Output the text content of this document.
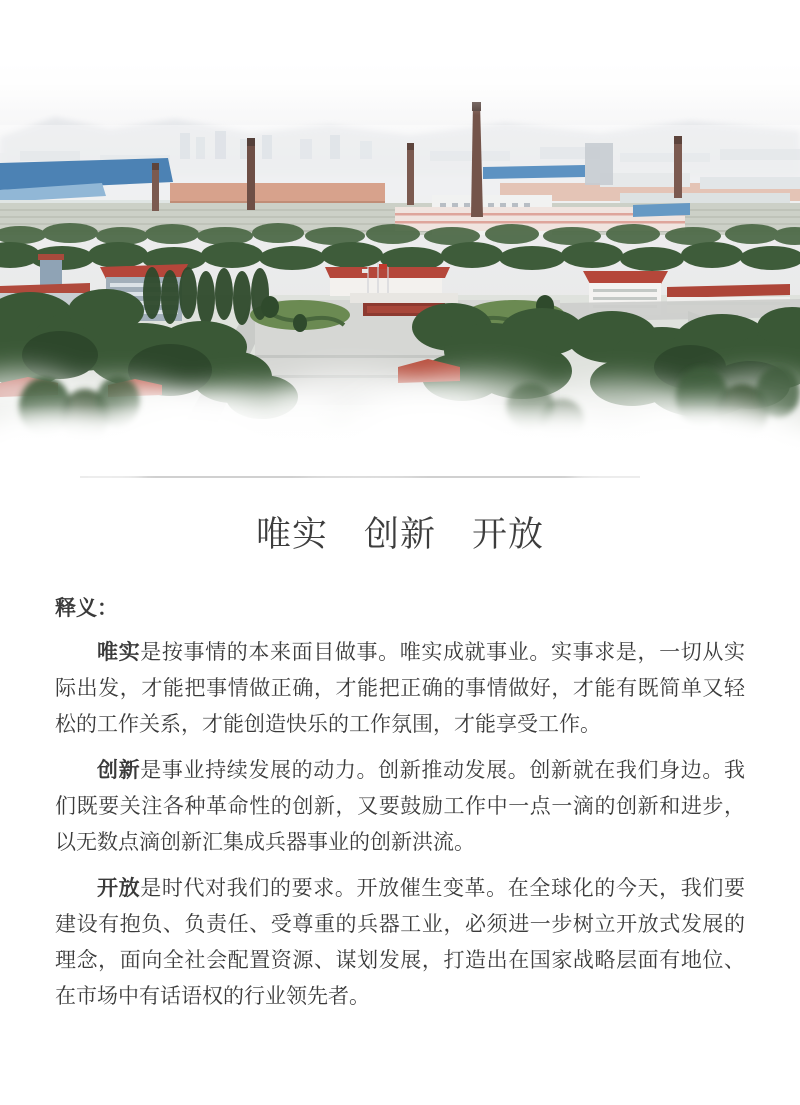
唯实　创新　开放
释义：

唯实是按事情的本来面目做事。唯实成就事业。实事求是，一切从实际出发，才能把事情做正确，才能把正确的事情做好，才能有既简单又轻松的工作关系，才能创造快乐的工作氛围，才能享受工作。

创新是事业持续发展的动力。创新推动发展。创新就在我们身边。我们既要关注各种革命性的创新，又要鼓励工作中一点一滴的创新和进步，以无数点滴创新汇集成兵器事业的创新洪流。

开放是时代对我们的要求。开放催生变革。在全球化的今天，我们要建设有抱负、负责任、受尊重的兵器工业，必须进一步树立开放式发展的理念，面向全社会配置资源、谋划发展，打造出在国家战略层面有地位、在市场中有话语权的行业领先者。
